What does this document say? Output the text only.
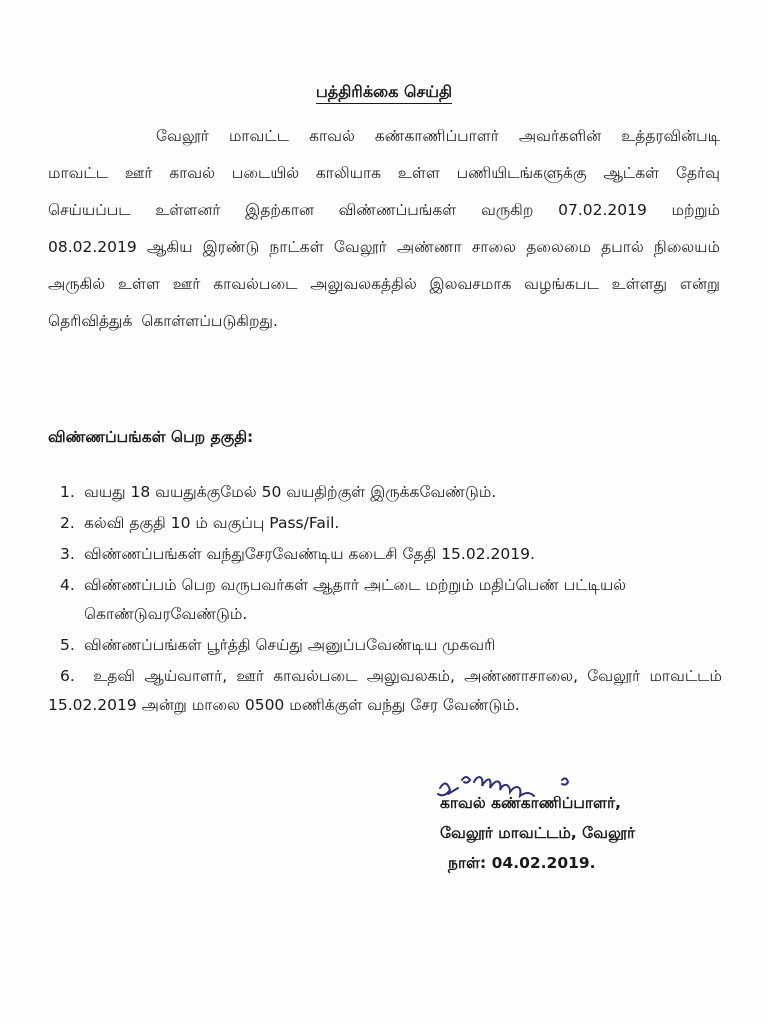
பத்திரிக்கை செய்தி

வேலூர் மாவட்ட காவல் கண்காணிப்பாளர் அவர்களின் உத்தரவின்படி மாவட்ட ஊர் காவல் படையில் காலியாக உள்ள பணியிடங்களுக்கு ஆட்கள் தேர்வு செய்யப்பட உள்ளனர் இதற்கான விண்ணப்பங்கள் வருகிற 07.02.2019 மற்றும் 08.02.2019 ஆகிய இரண்டு நாட்கள் வேலூர் அண்ணா சாலை தலைமை தபால் நிலையம் அருகில் உள்ள ஊர் காவல்படை அலுவலகத்தில் இலவசமாக வழங்கபட உள்ளது என்று தெரிவித்துக் கொள்ளப்படுகிறது.

விண்ணப்பங்கள் பெற தகுதி:
1. வயது 18 வயதுக்குமேல் 50 வயதிற்குள் இருக்கவேண்டும்.
2. கல்வி தகுதி 10 ம் வகுப்பு Pass/Fail.
3. விண்ணப்பங்கள் வந்துசேரவேண்டிய கடைசி தேதி 15.02.2019.
4. விண்ணப்பம் பெற வருபவர்கள் ஆதார் அட்டை மற்றும் மதிப்பெண் பட்டியல் கொண்டுவரவேண்டும்.
5. விண்ணப்பங்கள் பூர்த்தி செய்து அனுப்பவேண்டிய முகவரி
6. உதவி ஆய்வாளர், ஊர் காவல்படை அலுவலகம், அண்ணாசாலை, வேலூர் மாவட்டம் 15.02.2019 அன்று மாலை 0500 மணிக்குள் வந்து சேர வேண்டும்.
காவல் கண்காணிப்பாளர்,
வேலூர் மாவட்டம், வேலூர்
நாள்: 04.02.2019.
